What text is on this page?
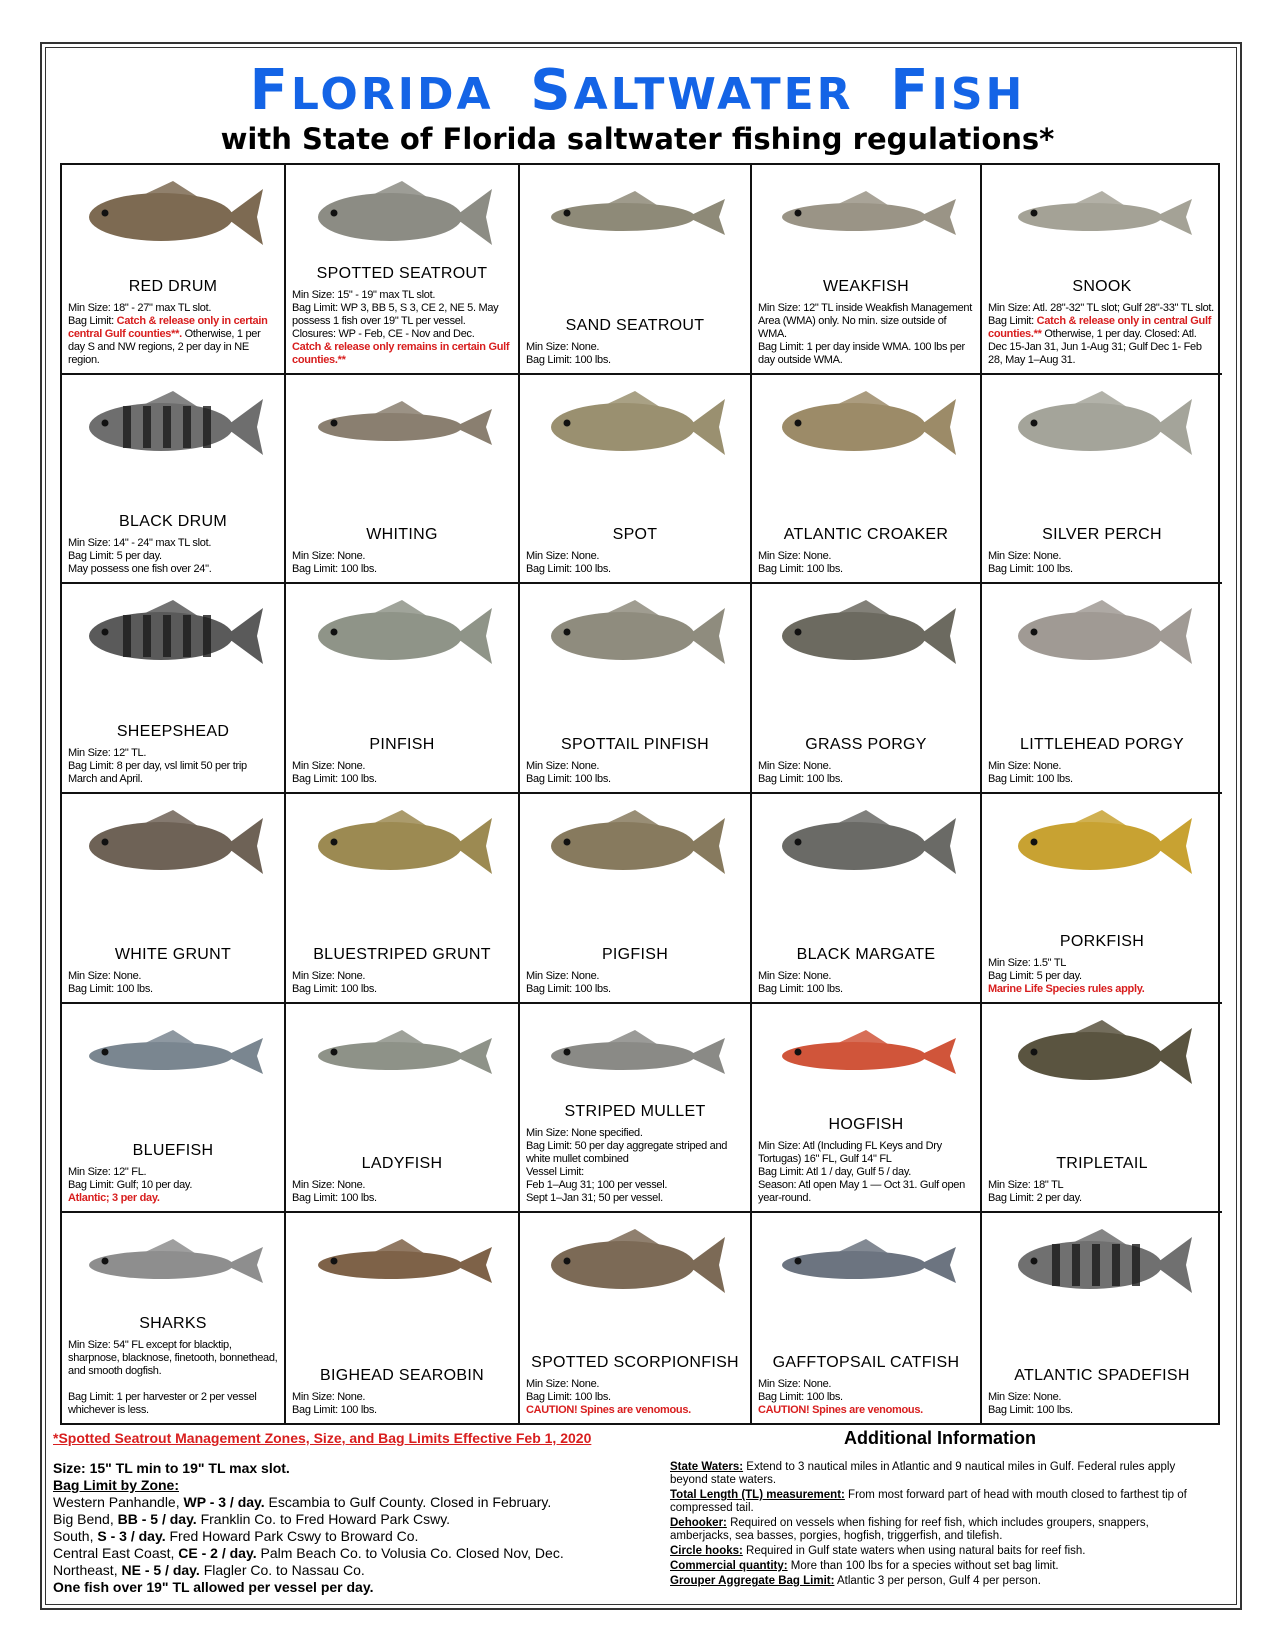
FLORIDA SALTWATER FISH
with State of Florida saltwater fishing regulations*
RED DRUM
Min Size: 18" - 27" max TL slot.
Bag Limit: Catch & release only in certain central Gulf counties**. Otherwise, 1 per day S and NW regions, 2 per day in NE region.
SPOTTED SEATROUT
Min Size: 15" - 19" max TL slot.
Bag Limit: WP 3, BB 5, S 3, CE 2, NE 5. May possess 1 fish over 19" TL per vessel.
Closures: WP - Feb, CE - Nov and Dec.
Catch & release only remains in certain Gulf counties.**
SAND SEATROUT
Min Size: None.
Bag Limit: 100 lbs.
WEAKFISH
Min Size: 12" TL inside Weakfish Management Area (WMA) only. No min. size outside of WMA.
Bag Limit: 1 per day inside WMA. 100 lbs per day outside WMA.
SNOOK
Min Size: Atl. 28"-32" TL slot; Gulf 28"-33" TL slot. Bag Limit: Catch & release only in central Gulf counties.** Otherwise, 1 per day. Closed: Atl. Dec 15-Jan 31, Jun 1-Aug 31; Gulf Dec 1- Feb 28, May 1–Aug 31.
BLACK DRUM
Min Size: 14" - 24" max TL slot.
Bag Limit: 5 per day.
May possess one fish over 24".
WHITING
Min Size: None.
Bag Limit: 100 lbs.
SPOT
Min Size: None.
Bag Limit: 100 lbs.
ATLANTIC CROAKER
Min Size: None.
Bag Limit: 100 lbs.
SILVER PERCH
Min Size: None.
Bag Limit: 100 lbs.
SHEEPSHEAD
Min Size: 12" TL.
Bag Limit: 8 per day, vsl limit 50 per trip March and April.
PINFISH
Min Size: None.
Bag Limit: 100 lbs.
SPOTTAIL PINFISH
Min Size: None.
Bag Limit: 100 lbs.
GRASS PORGY
Min Size: None.
Bag Limit: 100 lbs.
LITTLEHEAD PORGY
Min Size: None.
Bag Limit: 100 lbs.
WHITE GRUNT
Min Size: None.
Bag Limit: 100 lbs.
BLUESTRIPED GRUNT
Min Size: None.
Bag Limit: 100 lbs.
PIGFISH
Min Size: None.
Bag Limit: 100 lbs.
BLACK MARGATE
Min Size: None.
Bag Limit: 100 lbs.
PORKFISH
Min Size: 1.5" TL
Bag Limit: 5 per day.
Marine Life Species rules apply.
BLUEFISH
Min Size: 12" FL.
Bag Limit: Gulf; 10 per day.
Atlantic; 3 per day.
LADYFISH
Min Size: None.
Bag Limit: 100 lbs.
STRIPED MULLET
Min Size: None specified.
Bag Limit: 50 per day aggregate striped and white mullet combined
Vessel Limit:
Feb 1–Aug 31; 100 per vessel.
Sept 1–Jan 31; 50 per vessel.
HOGFISH
Min Size: Atl (Including FL Keys and Dry Tortugas) 16" FL, Gulf 14" FL
Bag Limit: Atl 1 / day, Gulf 5 / day.
Season: Atl open May 1 — Oct 31. Gulf open year-round.
TRIPLETAIL
Min Size: 18" TL
Bag Limit: 2 per day.
SHARKS
Min Size: 54" FL except for blacktip, sharpnose, blacknose, finetooth, bonnethead, and smooth dogfish.

Bag Limit: 1 per harvester or 2 per vessel whichever is less.
BIGHEAD SEAROBIN
Min Size: None.
Bag Limit: 100 lbs.
SPOTTED SCORPIONFISH
Min Size: None.
Bag Limit: 100 lbs.
CAUTION! Spines are venomous.
GAFFTOPSAIL CATFISH
Min Size: None.
Bag Limit: 100 lbs.
CAUTION! Spines are venomous.
ATLANTIC SPADEFISH
Min Size: None.
Bag Limit: 100 lbs.
*Spotted Seatrout Management Zones, Size, and Bag Limits Effective Feb 1, 2020
Size: 15" TL min to 19" TL max slot.
Bag Limit by Zone:
Western Panhandle, WP - 3 / day. Escambia to Gulf County. Closed in February.
Big Bend, BB - 5 / day. Franklin Co. to Fred Howard Park Cswy.
South, S - 3 / day. Fred Howard Park Cswy to Broward Co.
Central East Coast, CE - 2 / day. Palm Beach Co. to Volusia Co. Closed Nov, Dec.
Northeast, NE - 5 / day. Flagler Co. to Nassau Co.
One fish over 19" TL allowed per vessel per day.
Additional Information
State Waters: Extend to 3 nautical miles in Atlantic and 9 nautical miles in Gulf. Federal rules apply beyond state waters.
Total Length (TL) measurement: From most forward part of head with mouth closed to farthest tip of compressed tail.
Dehooker: Required on vessels when fishing for reef fish, which includes groupers, snappers, amberjacks, sea basses, porgies, hogfish, triggerfish, and tilefish.
Circle hooks: Required in Gulf state waters when using natural baits for reef fish.
Commercial quantity: More than 100 lbs for a species without set bag limit.
Grouper Aggregate Bag Limit: Atlantic 3 per person, Gulf 4 per person.
